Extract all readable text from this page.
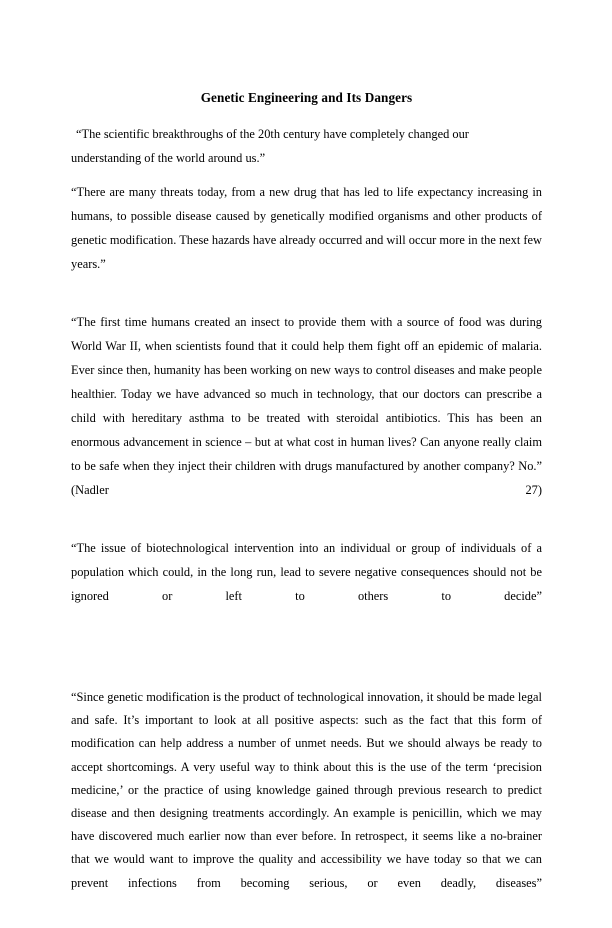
Genetic Engineering and Its Dangers

“The scientific breakthroughs of the 20th century have completely changed our understanding of the world around us.”

“There are many threats today, from a new drug that has led to life expectancy increasing in humans, to possible disease caused by genetically modified organisms and other products of genetic modification. These hazards have already occurred and will occur more in the next few years.”

“The first time humans created an insect to provide them with a source of food was during World War II, when scientists found that it could help them fight off an epidemic of malaria. Ever since then, humanity has been working on new ways to control diseases and make people healthier. Today we have advanced so much in technology, that our doctors can prescribe a child with hereditary asthma to be treated with steroidal antibiotics. This has been an enormous advancement in science – but at what cost in human lives? Can anyone really claim to be safe when they inject their children with drugs manufactured by another company? No.” (Nadler 27)

“The issue of biotechnological intervention into an individual or group of individuals of a population which could, in the long run, lead to severe negative consequences should not be ignored or left to others to decide”

“Since genetic modification is the product of technological innovation, it should be made legal and safe. It’s important to look at all positive aspects: such as the fact that this form of modification can help address a number of unmet needs. But we should always be ready to accept shortcomings. A very useful way to think about this is the use of the term ‘precision medicine,’ or the practice of using knowledge gained through previous research to predict disease and then designing treatments accordingly. An example is penicillin, which we may have discovered much earlier now than ever before. In retrospect, it seems like a no-brainer that we would want to improve the quality and accessibility we have today so that we can prevent infections from becoming serious, or even deadly, diseases”
